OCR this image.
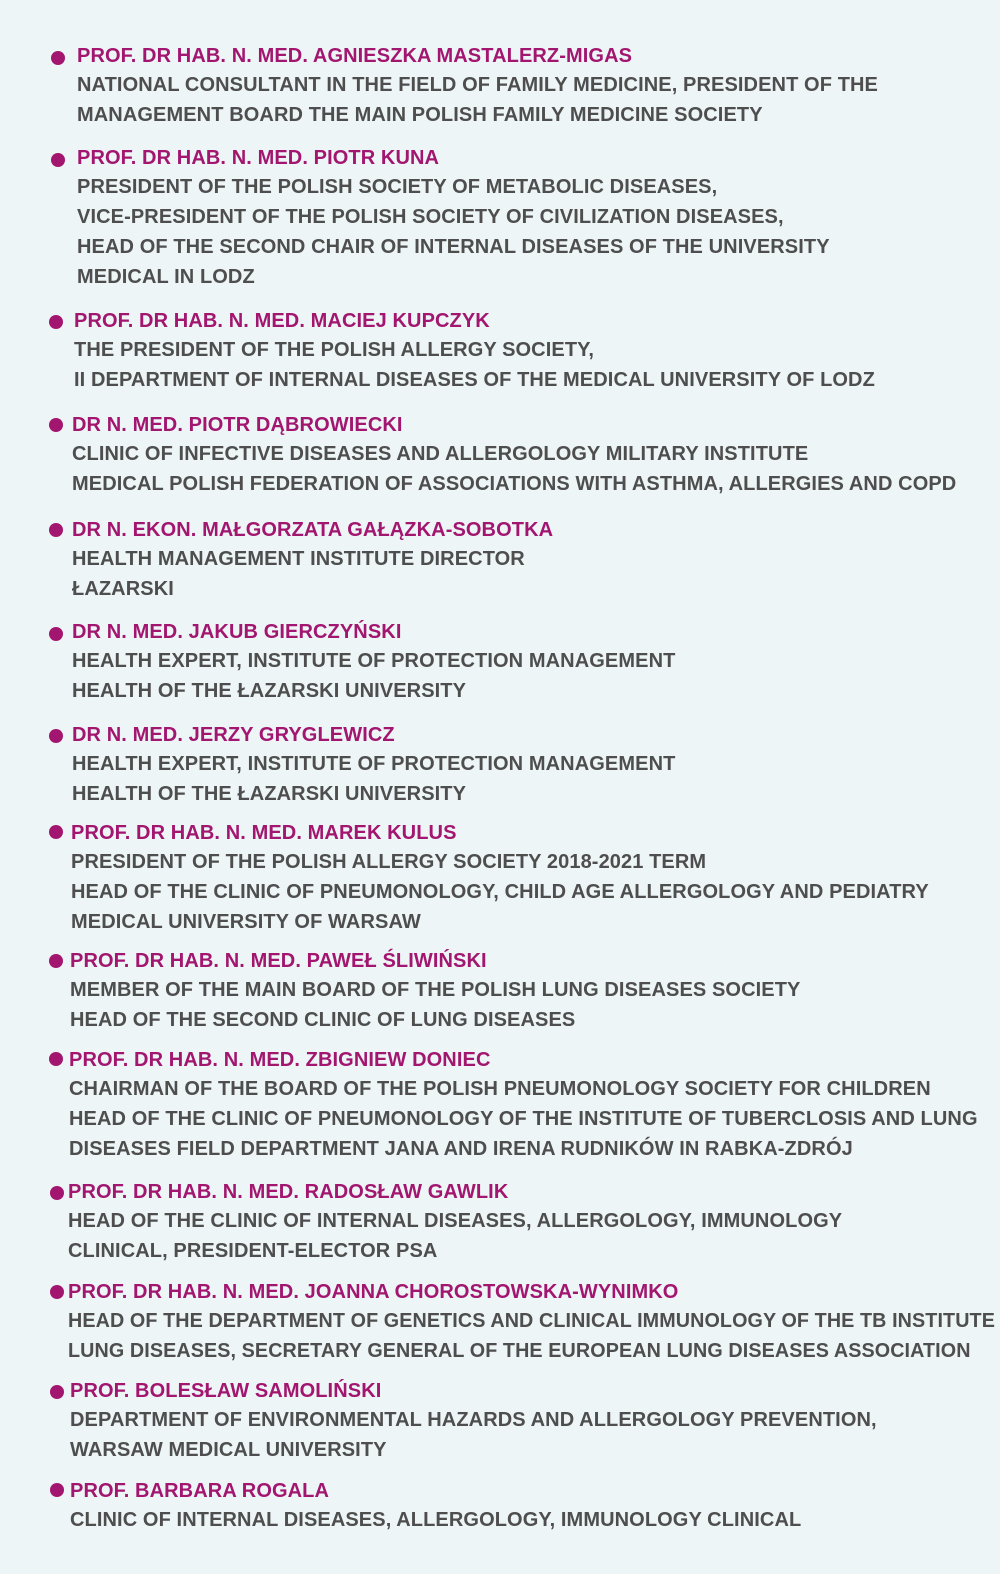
PROF. DR HAB. N. MED. AGNIESZKA MASTALERZ-MIGAS
NATIONAL CONSULTANT IN THE FIELD OF FAMILY MEDICINE, PRESIDENT OF THE
MANAGEMENT BOARD THE MAIN POLISH FAMILY MEDICINE SOCIETY
PROF. DR HAB. N. MED. PIOTR KUNA
PRESIDENT OF THE POLISH SOCIETY OF METABOLIC DISEASES,
VICE-PRESIDENT OF THE POLISH SOCIETY OF CIVILIZATION DISEASES,
HEAD OF THE SECOND CHAIR OF INTERNAL DISEASES OF THE UNIVERSITY
MEDICAL IN LODZ
PROF. DR HAB. N. MED. MACIEJ KUPCZYK
THE PRESIDENT OF THE POLISH ALLERGY SOCIETY,
II DEPARTMENT OF INTERNAL DISEASES OF THE MEDICAL UNIVERSITY OF LODZ
DR N. MED. PIOTR DĄBROWIECKI
CLINIC OF INFECTIVE DISEASES AND ALLERGOLOGY MILITARY INSTITUTE
MEDICAL POLISH FEDERATION OF ASSOCIATIONS WITH ASTHMA, ALLERGIES AND COPD
DR N. EKON. MAŁGORZATA GAŁĄZKA-SOBOTKA
HEALTH MANAGEMENT INSTITUTE DIRECTOR
ŁAZARSKI
DR N. MED. JAKUB GIERCZYŃSKI
HEALTH EXPERT, INSTITUTE OF PROTECTION MANAGEMENT
HEALTH OF THE ŁAZARSKI UNIVERSITY
DR N. MED. JERZY GRYGLEWICZ
HEALTH EXPERT, INSTITUTE OF PROTECTION MANAGEMENT
HEALTH OF THE ŁAZARSKI UNIVERSITY
PROF. DR HAB. N. MED. MAREK KULUS
PRESIDENT OF THE POLISH ALLERGY SOCIETY 2018-2021 TERM
HEAD OF THE CLINIC OF PNEUMONOLOGY, CHILD AGE ALLERGOLOGY AND PEDIATRY
MEDICAL UNIVERSITY OF WARSAW
PROF. DR HAB. N. MED. PAWEŁ ŚLIWIŃSKI
MEMBER OF THE MAIN BOARD OF THE POLISH LUNG DISEASES SOCIETY
HEAD OF THE SECOND CLINIC OF LUNG DISEASES
PROF. DR HAB. N. MED. ZBIGNIEW DONIEC
CHAIRMAN OF THE BOARD OF THE POLISH PNEUMONOLOGY SOCIETY FOR CHILDREN
HEAD OF THE CLINIC OF PNEUMONOLOGY OF THE INSTITUTE OF TUBERCLOSIS AND LUNG
DISEASES FIELD DEPARTMENT JANA AND IRENA RUDNIKÓW IN RABKA-ZDRÓJ
PROF. DR HAB. N. MED. RADOSŁAW GAWLIK
HEAD OF THE CLINIC OF INTERNAL DISEASES, ALLERGOLOGY, IMMUNOLOGY
CLINICAL, PRESIDENT-ELECTOR PSA
PROF. DR HAB. N. MED. JOANNA CHOROSTOWSKA-WYNIMKO
HEAD OF THE DEPARTMENT OF GENETICS AND CLINICAL IMMUNOLOGY OF THE TB INSTITUTE
LUNG DISEASES, SECRETARY GENERAL OF THE EUROPEAN LUNG DISEASES ASSOCIATION
PROF. BOLESŁAW SAMOLIŃSKI
DEPARTMENT OF ENVIRONMENTAL HAZARDS AND ALLERGOLOGY PREVENTION,
WARSAW MEDICAL UNIVERSITY
PROF. BARBARA ROGALA
CLINIC OF INTERNAL DISEASES, ALLERGOLOGY, IMMUNOLOGY CLINICAL
